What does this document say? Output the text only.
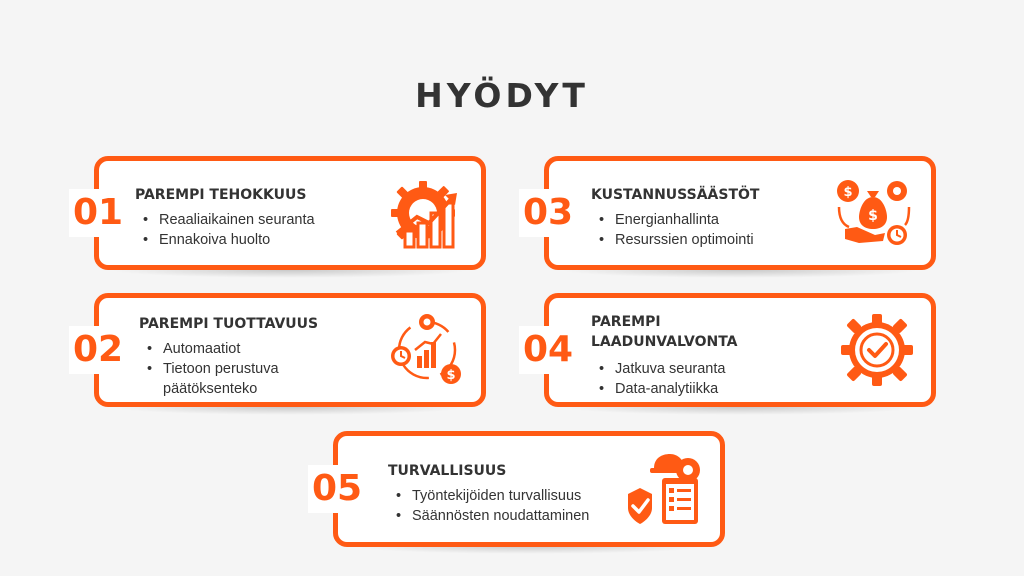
HYÖDYT
01 PAREMPI TEHOKKUUS
• Reaaliaikainen seuranta
• Ennakoiva huolto
02
PAREMPI TUOTTAVUUS
• Automaatiot
• Tietoon perustuva päätöksenteko
$
03 KUSTANNUSSÄÄSTÖT
• Energianhallinta
• Resurssien optimointi
$
$
04
PAREMPI LAADUNVALVONTA
• Jatkuva seuranta
• Data-analytiikka
05 TURVALLISUUS
• Työntekijöiden turvallisuus
• Säännösten noudattaminen
